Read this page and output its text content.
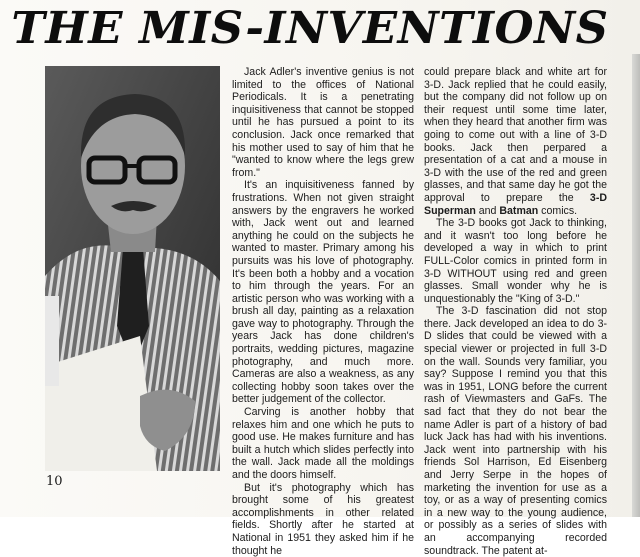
THE MIS-INVENTIONS

Jack Adler's inventive genius is not limited to the offices of National Periodicals. It is a penetrating inquisitiveness that cannot be stopped until he has pursued a point to its conclusion. Jack once remarked that his mother used to say of him that he "wanted to know where the legs grew from."

It's an inquisitiveness fanned by frustrations. When not given straight answers by the engravers he worked with, Jack went out and learned anything he could on the subjects he wanted to master. Primary among his pursuits was his love of photography. It's been both a hobby and a vocation to him through the years. For an artistic person who was working with a brush all day, painting as a relaxation gave way to photography. Through the years Jack has done children's portraits, wedding pictures, magazine photography, and much more. Cameras are also a weakness, as any collecting hobby soon takes over the better judgement of the collector.

Carving is another hobby that relaxes him and one which he puts to good use. He makes furniture and has built a hutch which slides perfectly into the wall. Jack made all the moldings and the doors himself.

But it's photography which has brought some of his greatest accomplishments in other related fields. Shortly after he started at National in 1951 they asked him if he thought he

could prepare black and white art for 3-D. Jack replied that he could easily, but the company did not follow up on their request until some time later, when they heard that another firm was going to come out with a line of 3-D books. Jack then perpared a presentation of a cat and a mouse in 3-D with the use of the red and green glasses, and that same day he got the approval to prepare the 3-D Superman and Batman comics.

The 3-D books got Jack to thinking, and it wasn't too long before he developed a way in which to print FULL-Color comics in printed form in 3-D WITHOUT using red and green glasses. Small wonder why he is unquestionably the "King of 3-D."

The 3-D fascination did not stop there. Jack developed an idea to do 3-D slides that could be viewed with a special viewer or projected in full 3-D on the wall. Sounds very familiar, you say? Suppose I remind you that this was in 1951, LONG before the current rash of Viewmasters and GaFs. The sad fact that they do not bear the name Adler is part of a history of bad luck Jack has had with his inventions. Jack went into partnership with his friends Sol Harrison, Ed Eisenberg and Jerry Serpe in the hopes of marketing the invention for use as a toy, or as a way of presenting comics in a new way to the young audience, or possibly as a series of slides with an accompanying recorded soundtrack. The patent at-

10
